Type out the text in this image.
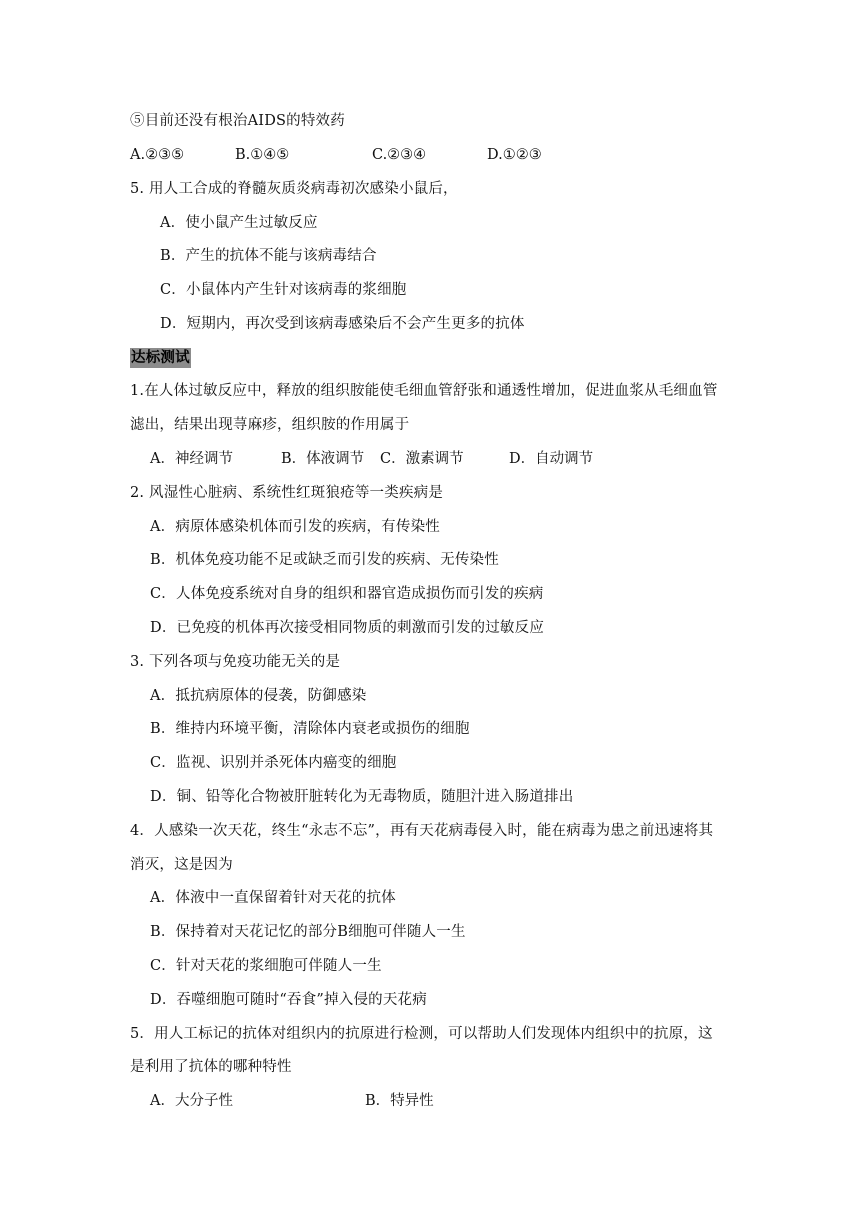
⑤目前还没有根治AIDS的特效药
A.②③⑤	B.①④⑤	C.②③④	D.①②③
5. 用人工合成的脊髓灰质炎病毒初次感染小鼠后，
A．使小鼠产生过敏反应
B．产生的抗体不能与该病毒结合
C．小鼠体内产生针对该病毒的浆细胞
D．短期内，再次受到该病毒感染后不会产生更多的抗体
达标测试
1.在人体过敏反应中，释放的组织胺能使毛细血管舒张和通透性增加，促进血浆从毛细血管
滤出，结果出现荨麻疹，组织胺的作用属于
A．神经调节	B．体液调节 C．激素调节	D．自动调节
2. 风湿性心脏病、系统性红斑狼疮等一类疾病是
A．病原体感染机体而引发的疾病，有传染性
B．机体免疫功能不足或缺乏而引发的疾病、无传染性
C．人体免疫系统对自身的组织和器官造成损伤而引发的疾病
D．已免疫的机体再次接受相同物质的刺激而引发的过敏反应
3. 下列各项与免疫功能无关的是
A．抵抗病原体的侵袭，防御感染
B．维持内环境平衡，清除体内衰老或损伤的细胞
C．监视、识别并杀死体内癌变的细胞
D．铜、铅等化合物被肝脏转化为无毒物质，随胆汁进入肠道排出
4．人感染一次天花，终生“永志不忘”，再有天花病毒侵入时，能在病毒为患之前迅速将其
消灭，这是因为
A．体液中一直保留着针对天花的抗体
B．保持着对天花记忆的部分B细胞可伴随人一生
C．针对天花的浆细胞可伴随人一生
D．吞噬细胞可随时“吞食”掉入侵的天花病
5．用人工标记的抗体对组织内的抗原进行检测，可以帮助人们发现体内组织中的抗原，这
是利用了抗体的哪种特性
A．大分子性	B．特异性
